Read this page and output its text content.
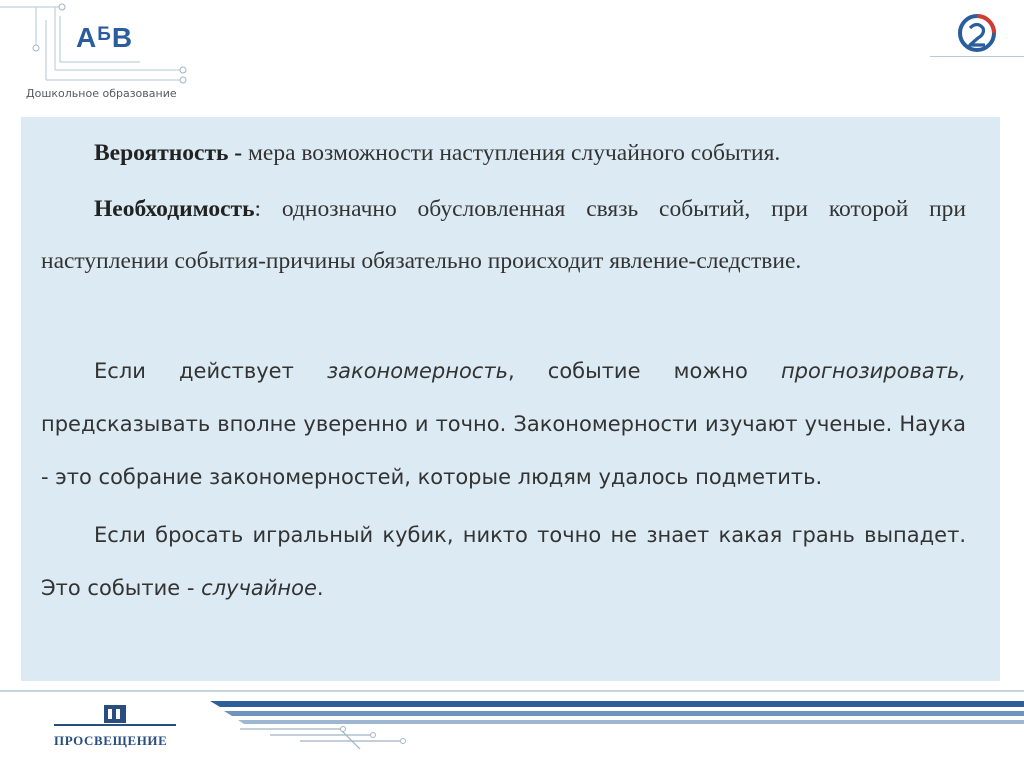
$А^БВ$
Дошкольное образование

Вероятность - мера возможности наступления случайного события.

Необходимость: однозначно обусловленная связь событий, при которой при наступлении события-причины обязательно происходит явление-следствие.

Если действует закономерность, событие можно прогнозировать, предсказывать вполне уверенно и точно. Закономерности изучают ученые. Наука - это собрание закономерностей, которые людям удалось подметить.

Если бросать игральный кубик, никто точно не знает какая грань выпадет. Это событие - случайное.

ПРОСВЕЩЕНИЕ
